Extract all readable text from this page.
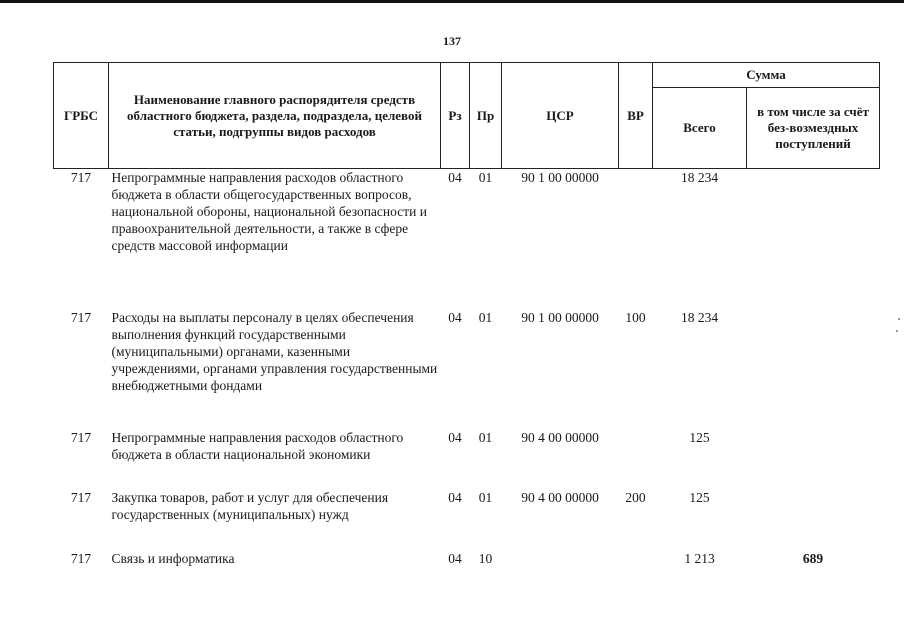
137
ГРБС	Наименование главного распорядителя средств областного бюджета, раздела, подраздела, целевой статьи, подгруппы видов расходов	Рз	Пр	ЦСР	ВР	Сумма	
						Всего	в том числе за счёт без-возмездных поступлений
717	Непрограммные направления расходов областного бюджета в области общегосударственных вопросов, национальной обороны, национальной безопасности и правоохранительной деятельности, а также в сфере средств массовой информации	04	01	90 1 00 00000		18 234	
717	Расходы на выплаты персоналу в целях обеспечения выполнения функций государственными (муниципальными) органами, казенными учреждениями, органами управления государственными внебюджетными фондами	04	01	90 1 00 00000	100	18 234	
717	Непрограммные направления расходов областного бюджета в области национальной экономики	04	01	90 4 00 00000		125	
717	Закупка товаров, работ и услуг для обеспечения государственных (муниципальных) нужд	04	01	90 4 00 00000	200	125	
717	Связь и информатика	04	10			1 213	689
